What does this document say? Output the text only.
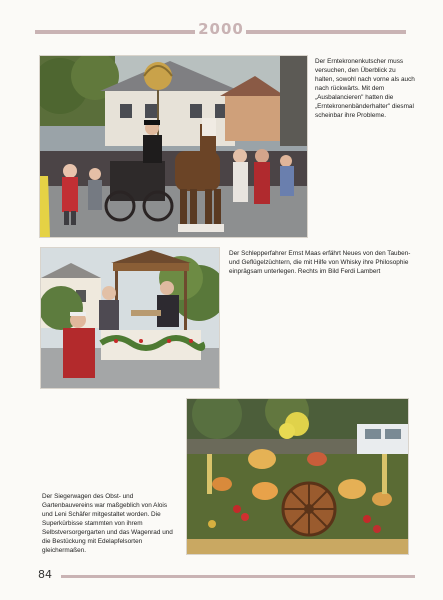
2000
Der Erntekronenkutscher muss versuchen, den Überblick zu halten, sowohl nach vorne als auch nach rückwärts. Mit dem „Ausbalancieren" hatten die „Erntekronenbänderhalter" diesmal scheinbar ihre Probleme.
Der Schlepperfahrer Ernst Maas erfährt Neues von den Tauben- und Geflügelzüchtern, die mit Hilfe von Whisky ihre Philosophie einprägsam unterlegen. Rechts im Bild Ferdi Lambert
Der Siegerwagen des Obst- und Gartenbauvereins war maßgeblich von Alois und Leni Schäfer mitgestaltet worden. Die Superkürbisse stammten von ihrem Selbstversorgergarten und das Wagenrad und die Bestückung mit Edelapfelsorten gleichermaßen.
84
